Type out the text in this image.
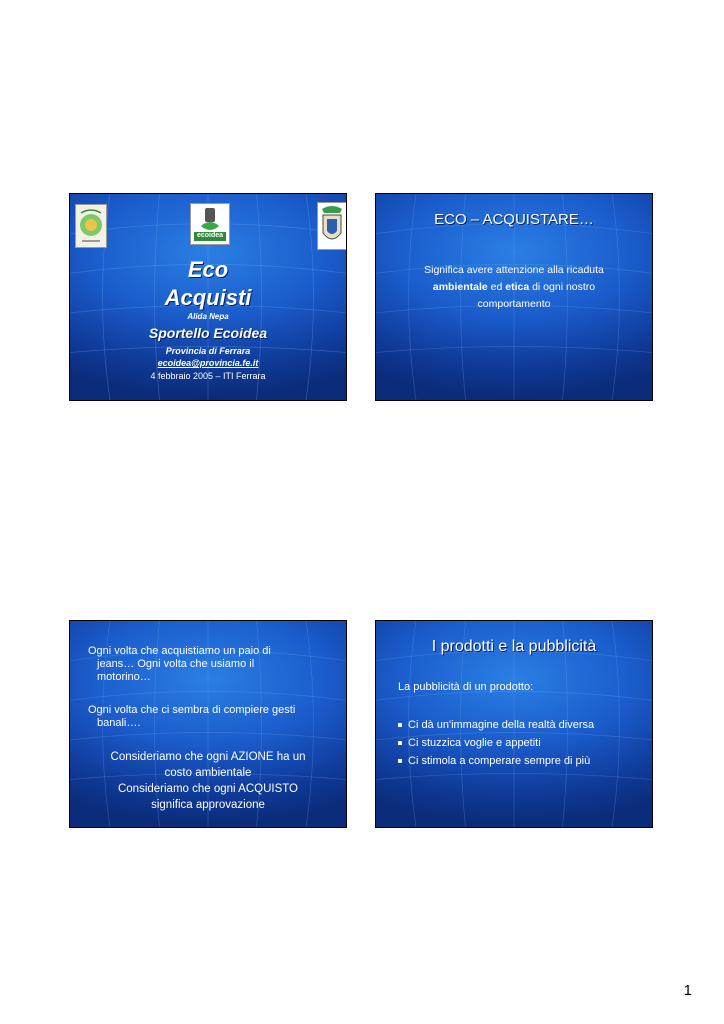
ecoidea
Eco
Acquisti
Alida Nepa
Sportello Ecoidea
Provincia di Ferrara
ecoidea@provincia.fe.it
4 febbraio 2005 – ITI Ferrara
ECO – ACQUISTARE…
Significa avere attenzione alla ricaduta
ambientale ed etica di ogni nostro
comportamento
Ogni volta che acquistiamo un paio di
jeans… Ogni volta che usiamo il
motorino…
Ogni volta che ci sembra di compiere gesti
banali….
Consideriamo che ogni AZIONE ha un
costo ambientale
Consideriamo che ogni ACQUISTO
significa approvazione
I prodotti e la pubblicità
La pubblicità di un prodotto:
Ci dà un'immagine della realtà diversa
Ci stuzzica voglie e appetiti
Ci stimola a comperare sempre di più
1
